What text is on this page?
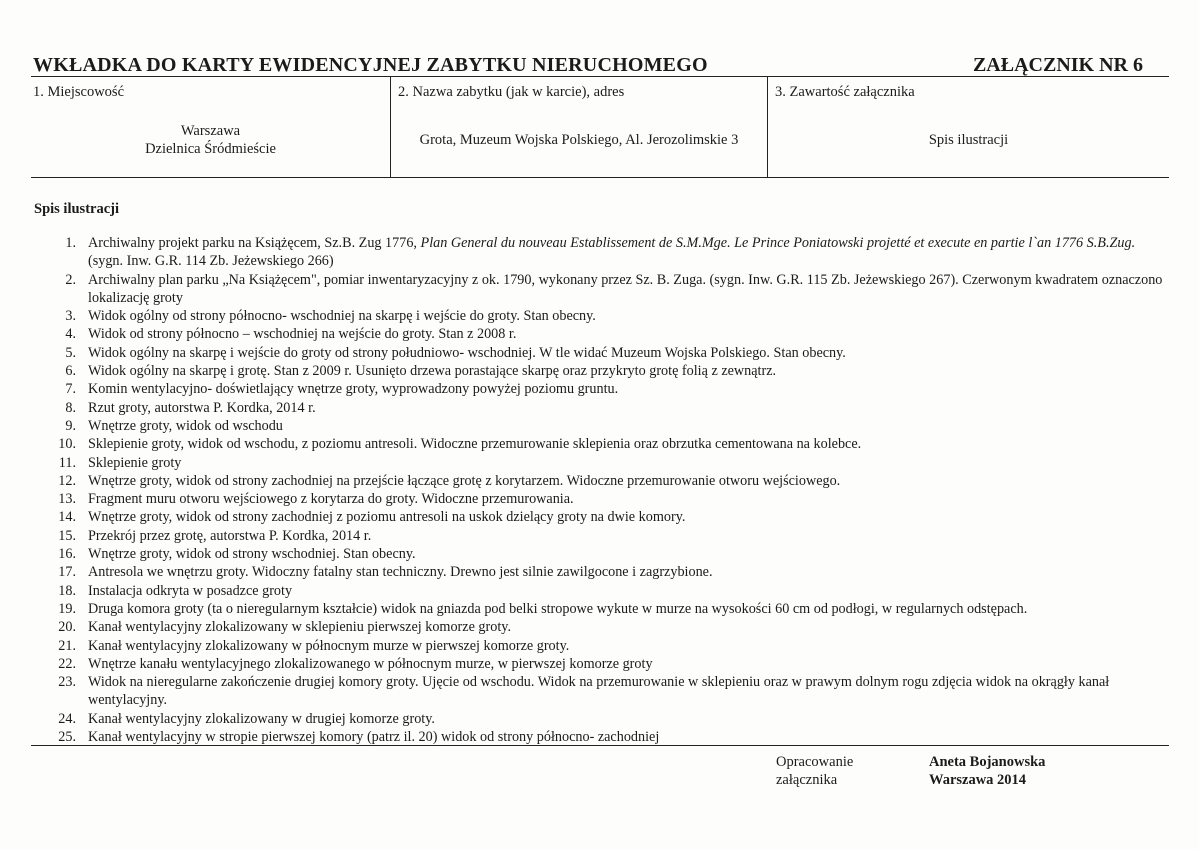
WKŁADKA DO KARTY EWIDENCYJNEJ ZABYTKU NIERUCHOMEGO	ZAŁĄCZNIK NR 6
1. Miejscowość
Warszawa
Dzielnica Śródmieście
2. Nazwa zabytku (jak w karcie), adres
Grota, Muzeum Wojska Polskiego, Al. Jerozolimskie 3
3. Zawartość załącznika
Spis ilustracji
Spis ilustracji
1. Archiwalny projekt parku na Książęcem, Sz.B. Zug 1776, Plan General du nouveau Establissement de S.M.Mge. Le Prince Poniatowski projetté et execute en partie l`an 1776 S.B.Zug. (sygn. Inw. G.R. 114 Zb. Jeżewskiego 266)
2. Archiwalny plan parku „Na Książęcem", pomiar inwentaryzacyjny z ok. 1790, wykonany przez Sz. B. Zuga. (sygn. Inw. G.R. 115 Zb. Jeżewskiego 267). Czerwonym kwadratem oznaczono lokalizację groty
3. Widok ogólny od strony północno- wschodniej na skarpę i wejście do groty. Stan obecny.
4. Widok od strony północno – wschodniej na wejście do groty. Stan z 2008 r.
5. Widok ogólny na skarpę i wejście do groty od strony południowo- wschodniej. W tle widać Muzeum Wojska Polskiego. Stan obecny.
6. Widok ogólny na skarpę i grotę. Stan z 2009 r. Usunięto drzewa porastające skarpę oraz przykryto grotę folią z zewnątrz.
7. Komin wentylacyjno- doświetlający wnętrze groty, wyprowadzony powyżej poziomu gruntu.
8. Rzut groty, autorstwa P. Kordka, 2014 r.
9. Wnętrze groty, widok od wschodu
10. Sklepienie groty, widok od wschodu, z poziomu antresoli. Widoczne przemurowanie sklepienia oraz obrzutka cementowana na kolebce.
11. Sklepienie groty
12. Wnętrze groty, widok od strony zachodniej na przejście łączące grotę z korytarzem. Widoczne przemurowanie otworu wejściowego.
13. Fragment muru otworu wejściowego z korytarza do groty. Widoczne przemurowania.
14. Wnętrze groty, widok od strony zachodniej z poziomu antresoli na uskok dzielący groty na dwie komory.
15. Przekrój przez grotę, autorstwa P. Kordka, 2014 r.
16. Wnętrze groty, widok od strony wschodniej. Stan obecny.
17. Antresola we wnętrzu groty. Widoczny fatalny stan techniczny. Drewno jest silnie zawilgocone i zagrzybione.
18. Instalacja odkryta w posadzce groty
19. Druga komora groty (ta o nieregularnym kształcie) widok na gniazda pod belki stropowe wykute w murze na wysokości 60 cm od podłogi, w regularnych odstępach.
20. Kanał wentylacyjny zlokalizowany w sklepieniu pierwszej komorze groty.
21. Kanał wentylacyjny zlokalizowany w północnym murze w pierwszej komorze groty.
22. Wnętrze kanału wentylacyjnego zlokalizowanego w północnym murze, w pierwszej komorze groty
23. Widok na nieregularne zakończenie drugiej komory groty. Ujęcie od wschodu. Widok na przemurowanie w sklepieniu oraz w prawym dolnym rogu zdjęcia widok na okrągły kanał wentylacyjny.
24. Kanał wentylacyjny zlokalizowany w drugiej komorze groty.
25. Kanał wentylacyjny w stropie pierwszej komory (patrz il. 20) widok od strony północno- zachodniej
Opracowanie
załącznika
Aneta Bojanowska
Warszawa 2014
